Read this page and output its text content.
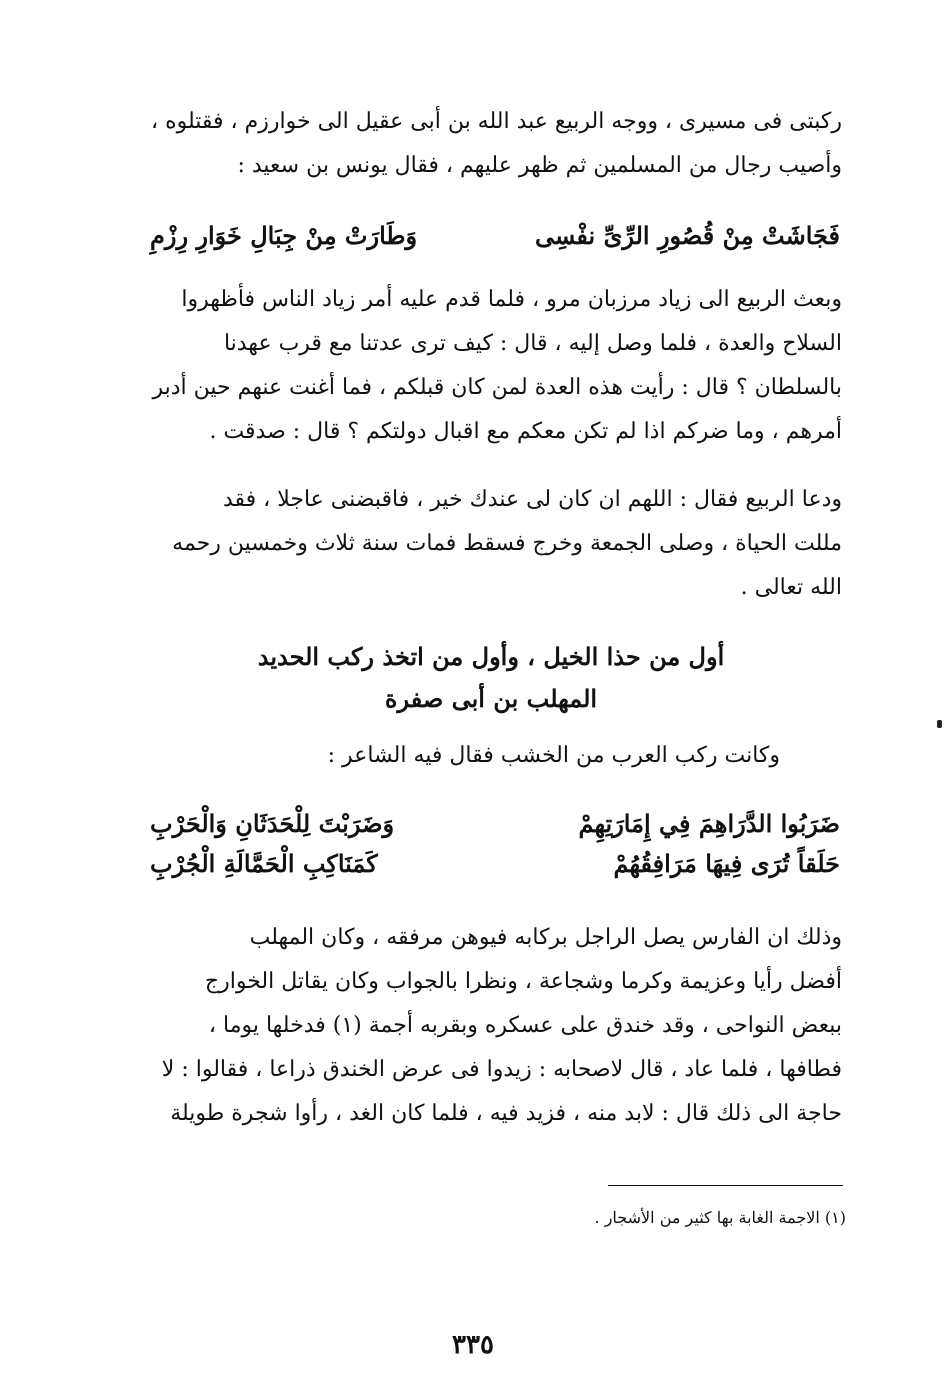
ركبتى فى مسيرى ، ووجه الربيع عبد الله بن أبى عقيل الى خوارزم ، فقتلوه ،

وأصيب رجال من المسلمين ثم ظهر عليهم ، فقال يونس بن سعيد :

فَجَاشَتْ مِنْ قُصُورِ الرِّىِّ نفْسِى
وَطَارَتْ مِنْ جِبَالِ خَوَارِ رِزْمِ

وبعث الربيع الى زياد مرزبان مرو ، فلما قدم عليه أمر زياد الناس فأظهروا

السلاح والعدة ، فلما وصل إليه ، قال : كيف ترى عدتنا مع قرب عهدنا

بالسلطان ؟ قال : رأيت هذه العدة لمن كان قبلكم ، فما أغنت عنهم حين أدبر

أمرهم ، وما ضركم اذا لم تكن معكم مع اقبال دولتكم ؟ قال : صدقت .

ودعا الربيع فقال : اللهم ان كان لى عندك خير ، فاقبضنى عاجلا ، فقد

مللت الحياة ، وصلى الجمعة وخرج فسقط فمات سنة ثلاث وخمسين رحمه

الله تعالى .

أول من حذا الخيل ، وأول من اتخذ ركب الحديد
المهلب بن أبى صفرة

وكانت ركب العرب من الخشب فقال فيه الشاعر :

ضَرَبُوا الدَّرَاهِمَ فِي إِمَارَتِهِمْ
وَضَرَبْتَ لِلْحَدَثَانِ وَالْحَرْبِ
حَلَقاً تُرَى فِيهَا مَرَافِقُهُمْ
كَمَنَاكِبِ الْحَمَّالَةِ الْجُرْبِ

وذلك ان الفارس يصل الراجل بركابه فيوهن مرفقه ، وكان المهلب

أفضل رأيا وعزيمة وكرما وشجاعة ، ونظرا بالجواب وكان يقاتل الخوارج

ببعض النواحى ، وقد خندق على عسكره وبقربه أجمة (١) فدخلها يوما ،

فطافها ، فلما عاد ، قال لاصحابه : زيدوا فى عرض الخندق ذراعا ، فقالوا : لا

حاجة الى ذلك قال : لابد منه ، فزيد فيه ، فلما كان الغد ، رأوا شجرة طويلة

(١) الاجمة الغابة بها كثير من الأشجار .
٣٣٥
